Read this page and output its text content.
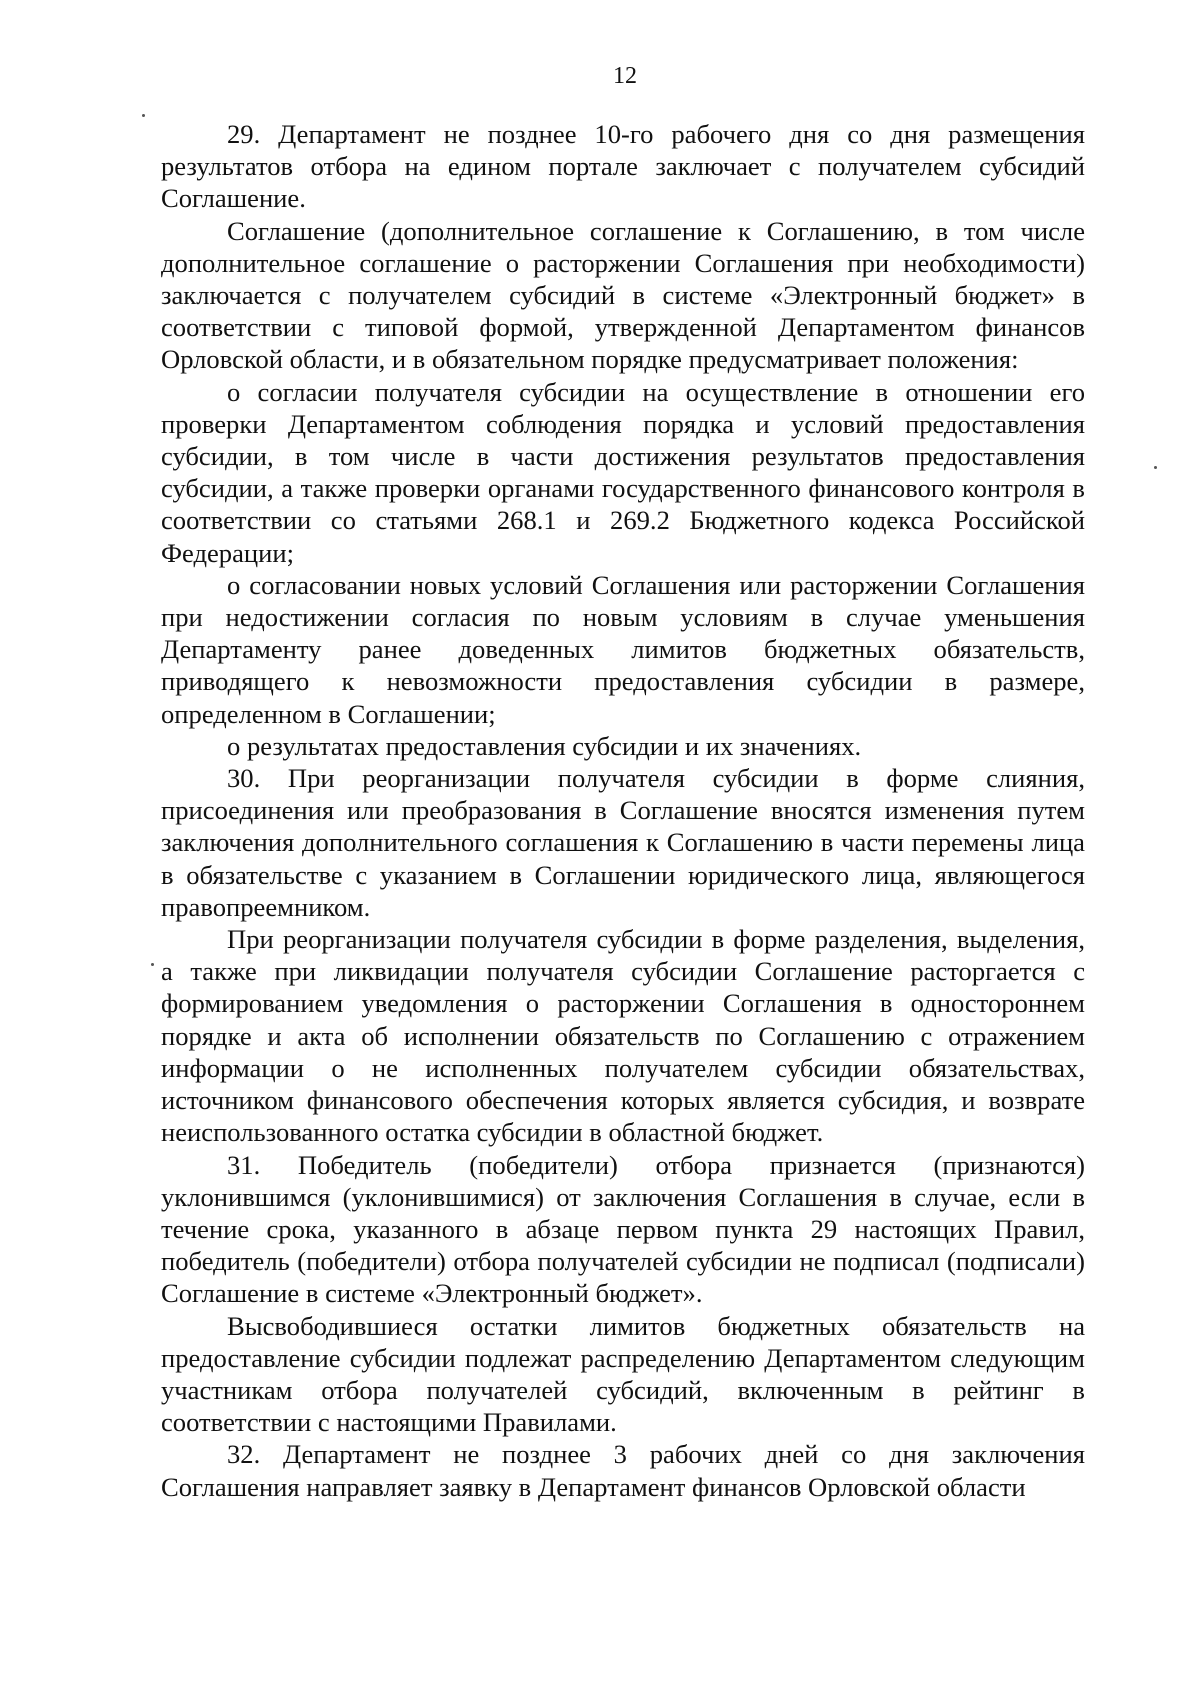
12

29. Департамент не позднее 10-го рабочего дня со дня размещения результатов отбора на едином портале заключает с получателем субсидий Соглашение.

Соглашение (дополнительное соглашение к Соглашению, в том числе дополнительное соглашение о расторжении Соглашения при необходимости) заключается с получателем субсидий в системе «Электронный бюджет» в соответствии с типовой формой, утвержденной Департаментом финансов Орловской области, и в обязательном порядке предусматривает положения:

о согласии получателя субсидии на осуществление в отношении его проверки Департаментом соблюдения порядка и условий предоставления субсидии, в том числе в части достижения результатов предоставления субсидии, а также проверки органами государственного финансового контроля в соответствии со статьями 268.1 и 269.2 Бюджетного кодекса Российской Федерации;

о согласовании новых условий Соглашения или расторжении Соглашения при недостижении согласия по новым условиям в случае уменьшения Департаменту ранее доведенных лимитов бюджетных обязательств, приводящего к невозможности предоставления субсидии в размере, определенном в Соглашении;

о результатах предоставления субсидии и их значениях.

30. При реорганизации получателя субсидии в форме слияния, присоединения или преобразования в Соглашение вносятся изменения путем заключения дополнительного соглашения к Соглашению в части перемены лица в обязательстве с указанием в Соглашении юридического лица, являющегося правопреемником.

При реорганизации получателя субсидии в форме разделения, выделения, а также при ликвидации получателя субсидии Соглашение расторгается с формированием уведомления о расторжении Соглашения в одностороннем порядке и акта об исполнении обязательств по Соглашению с отражением информации о не исполненных получателем субсидии обязательствах, источником финансового обеспечения которых является субсидия, и возврате неиспользованного остатка субсидии в областной бюджет.

31. Победитель (победители) отбора признается (признаются) уклонившимся (уклонившимися) от заключения Соглашения в случае, если в течение срока, указанного в абзаце первом пункта 29 настоящих Правил, победитель (победители) отбора получателей субсидии не подписал (подписали) Соглашение в системе «Электронный бюджет».

Высвободившиеся остатки лимитов бюджетных обязательств на предоставление субсидии подлежат распределению Департаментом следующим участникам отбора получателей субсидий, включенным в рейтинг в соответствии с настоящими Правилами.

32. Департамент не позднее 3 рабочих дней со дня заключения Соглашения направляет заявку в Департамент финансов Орловской области
